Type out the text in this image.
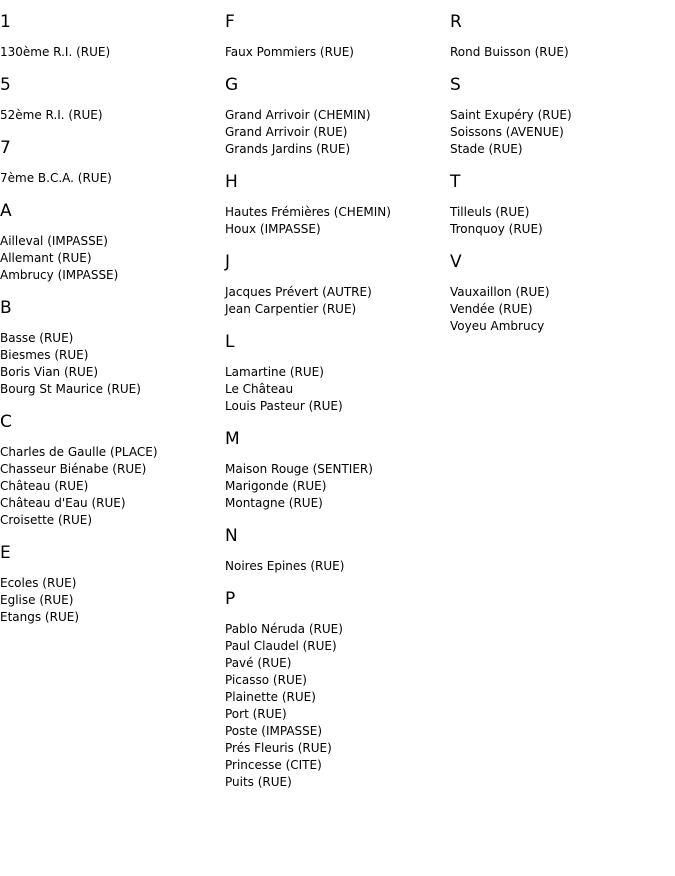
1
130ème R.I. (RUE)
5
52ème R.I. (RUE)
7
7ème B.C.A. (RUE)
A
Ailleval (IMPASSE)
Allemant (RUE)
Ambrucy (IMPASSE)
B
Basse (RUE)
Biesmes (RUE)
Boris Vian (RUE)
Bourg St Maurice (RUE)
C
Charles de Gaulle (PLACE)
Chasseur Biénabe (RUE)
Château (RUE)
Château d'Eau (RUE)
Croisette (RUE)
E
Ecoles (RUE)
Eglise (RUE)
Etangs (RUE)
F
Faux Pommiers (RUE)
G
Grand Arrivoir (CHEMIN)
Grand Arrivoir (RUE)
Grands Jardins (RUE)
H
Hautes Frémières (CHEMIN)
Houx (IMPASSE)
J
Jacques Prévert (AUTRE)
Jean Carpentier (RUE)
L
Lamartine (RUE)
Le Château
Louis Pasteur (RUE)
M
Maison Rouge (SENTIER)
Marigonde (RUE)
Montagne (RUE)
N
Noires Epines (RUE)
P
Pablo Néruda (RUE)
Paul Claudel (RUE)
Pavé (RUE)
Picasso (RUE)
Plainette (RUE)
Port (RUE)
Poste (IMPASSE)
Prés Fleuris (RUE)
Princesse (CITE)
Puits (RUE)
R
Rond Buisson (RUE)
S
Saint Exupéry (RUE)
Soissons (AVENUE)
Stade (RUE)
T
Tilleuls (RUE)
Tronquoy (RUE)
V
Vauxaillon (RUE)
Vendée (RUE)
Voyeu Ambrucy
